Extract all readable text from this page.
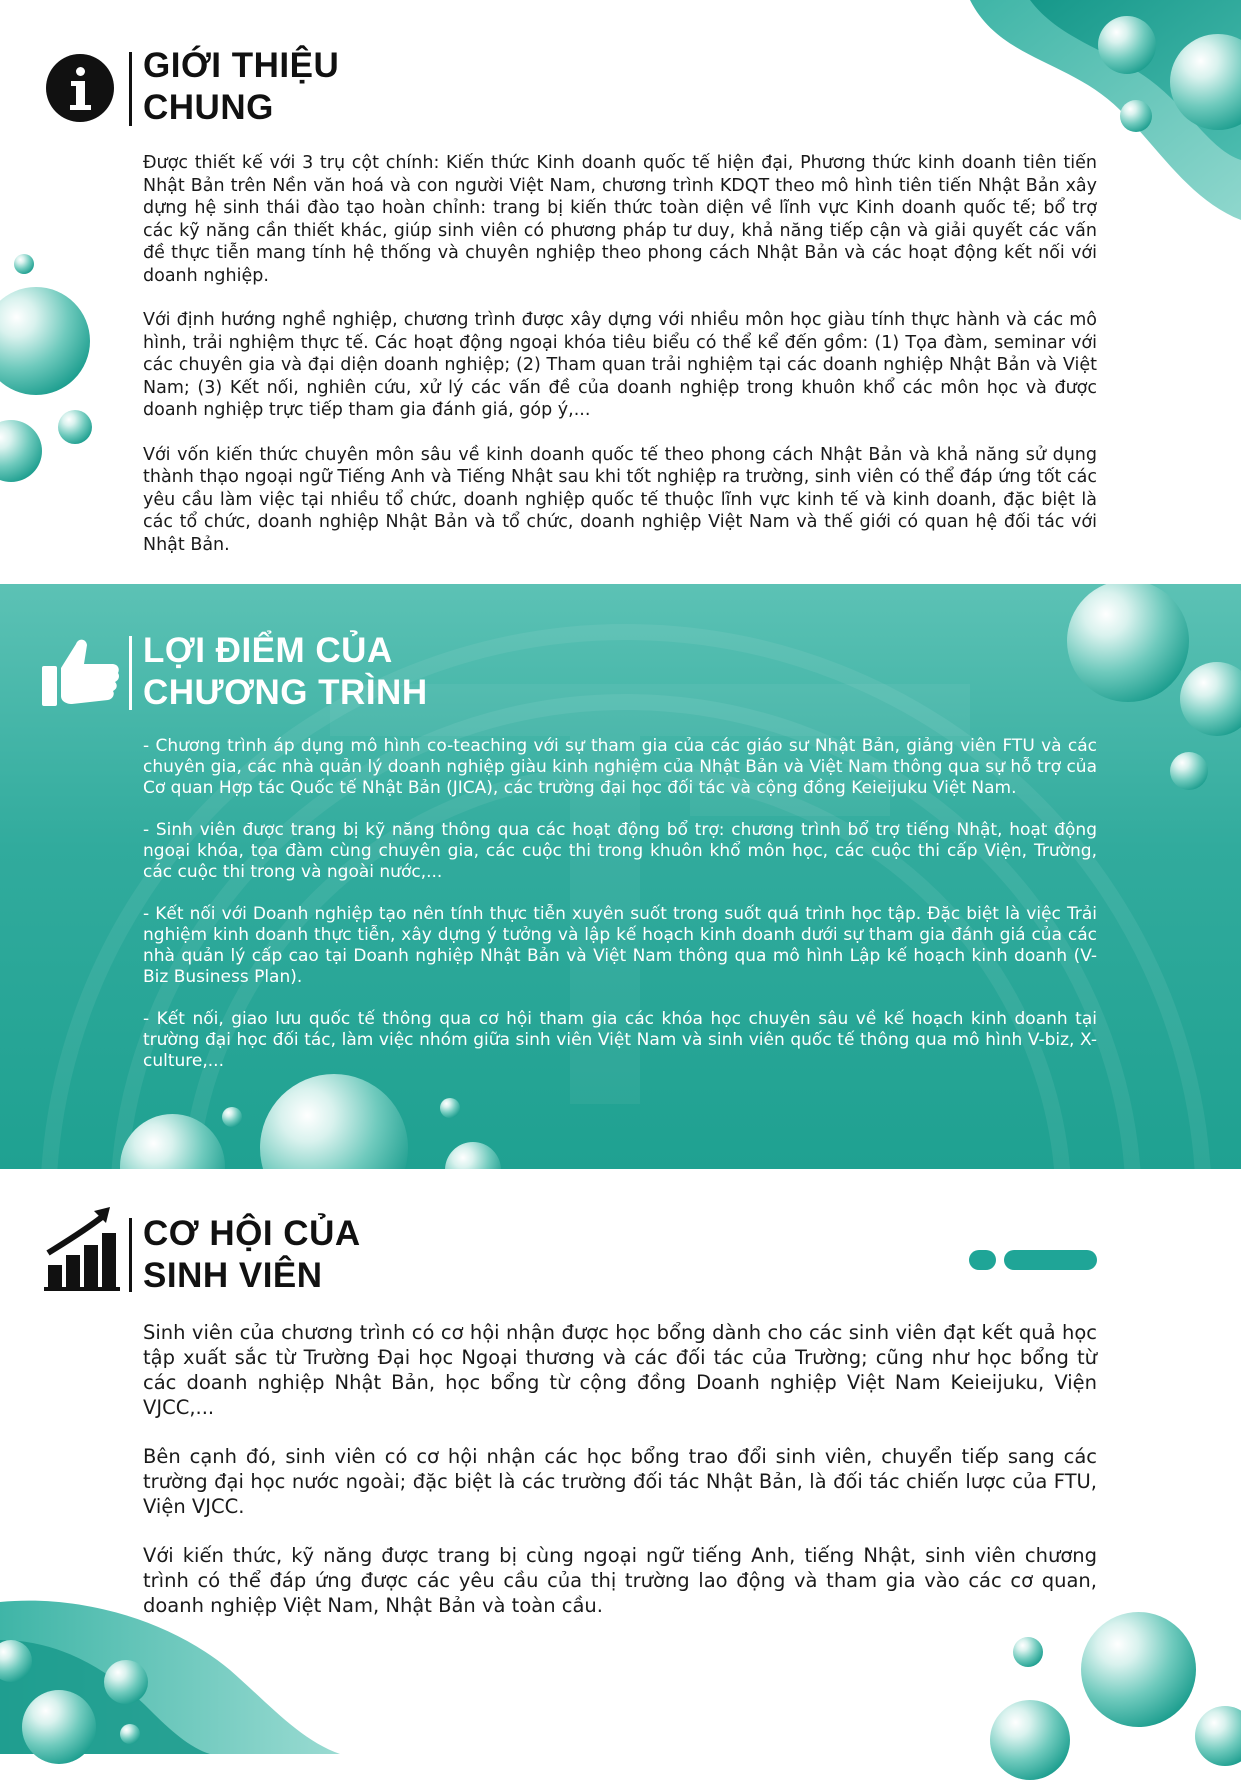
GIỚI THIỆU
CHUNG

Được thiết kế với 3 trụ cột chính: Kiến thức Kinh doanh quốc tế hiện đại, Phương thức kinh doanh tiên tiến Nhật Bản trên Nền văn hoá và con người Việt Nam, chương trình KDQT theo mô hình tiên tiến Nhật Bản xây dựng hệ sinh thái đào tạo hoàn chỉnh: trang bị kiến thức toàn diện về lĩnh vực Kinh doanh quốc tế; bổ trợ các kỹ năng cần thiết khác, giúp sinh viên có phương pháp tư duy, khả năng tiếp cận và giải quyết các vấn đề thực tiễn mang tính hệ thống và chuyên nghiệp theo phong cách Nhật Bản và các hoạt động kết nối với doanh nghiệp.

Với định hướng nghề nghiệp, chương trình được xây dựng với nhiều môn học giàu tính thực hành và các mô hình, trải nghiệm thực tế. Các hoạt động ngoại khóa tiêu biểu có thể kể đến gồm: (1) Tọa đàm, seminar với các chuyên gia và đại diện doanh nghiệp; (2) Tham quan trải nghiệm tại các doanh nghiệp Nhật Bản và Việt Nam; (3) Kết nối, nghiên cứu, xử lý các vấn đề của doanh nghiệp trong khuôn khổ các môn học và được doanh nghiệp trực tiếp tham gia đánh giá, góp ý,...

Với vốn kiến thức chuyên môn sâu về kinh doanh quốc tế theo phong cách Nhật Bản và khả năng sử dụng thành thạo ngoại ngữ Tiếng Anh và Tiếng Nhật sau khi tốt nghiệp ra trường, sinh viên có thể đáp ứng tốt các yêu cầu làm việc tại nhiều tổ chức, doanh nghiệp quốc tế thuộc lĩnh vực kinh tế và kinh doanh, đặc biệt là các tổ chức, doanh nghiệp Nhật Bản và tổ chức, doanh nghiệp Việt Nam và thế giới có quan hệ đối tác với Nhật Bản.

LỢI ĐIỂM CỦA
CHƯƠNG TRÌNH

- Chương trình áp dụng mô hình co-teaching với sự tham gia của các giáo sư Nhật Bản, giảng viên FTU và các chuyên gia, các nhà quản lý doanh nghiệp giàu kinh nghiệm của Nhật Bản và Việt Nam thông qua sự hỗ trợ của Cơ quan Hợp tác Quốc tế Nhật Bản (JICA), các trường đại học đối tác và cộng đồng Keieijuku Việt Nam.

- Sinh viên được trang bị kỹ năng thông qua các hoạt động bổ trợ: chương trình bổ trợ tiếng Nhật, hoạt động ngoại khóa, tọa đàm cùng chuyên gia, các cuộc thi trong khuôn khổ môn học, các cuộc thi cấp Viện, Trường, các cuộc thi trong và ngoài nước,...

- Kết nối với Doanh nghiệp tạo nên tính thực tiễn xuyên suốt trong suốt quá trình học tập. Đặc biệt là việc Trải nghiệm kinh doanh thực tiễn, xây dựng ý tưởng và lập kế hoạch kinh doanh dưới sự tham gia đánh giá của các nhà quản lý cấp cao tại Doanh nghiệp Nhật Bản và Việt Nam thông qua mô hình Lập kế hoạch kinh doanh (V-Biz Business Plan).

- Kết nối, giao lưu quốc tế thông qua cơ hội tham gia các khóa học chuyên sâu về kế hoạch kinh doanh tại trường đại học đối tác, làm việc nhóm giữa sinh viên Việt Nam và sinh viên quốc tế thông qua mô hình V-biz, X-culture,...

CƠ HỘI CỦA
SINH VIÊN

Sinh viên của chương trình có cơ hội nhận được học bổng dành cho các sinh viên đạt kết quả học tập xuất sắc từ Trường Đại học Ngoại thương và các đối tác của Trường; cũng như học bổng từ các doanh nghiệp Nhật Bản, học bổng từ cộng đồng Doanh nghiệp Việt Nam Keieijuku, Viện VJCC,...

Bên cạnh đó, sinh viên có cơ hội nhận các học bổng trao đổi sinh viên, chuyển tiếp sang các trường đại học nước ngoài; đặc biệt là các trường đối tác Nhật Bản, là đối tác chiến lược của FTU, Viện VJCC.

Với kiến thức, kỹ năng được trang bị cùng ngoại ngữ tiếng Anh, tiếng Nhật, sinh viên chương trình có thể đáp ứng được các yêu cầu của thị trường lao động và tham gia vào các cơ quan, doanh nghiệp Việt Nam, Nhật Bản và toàn cầu.
